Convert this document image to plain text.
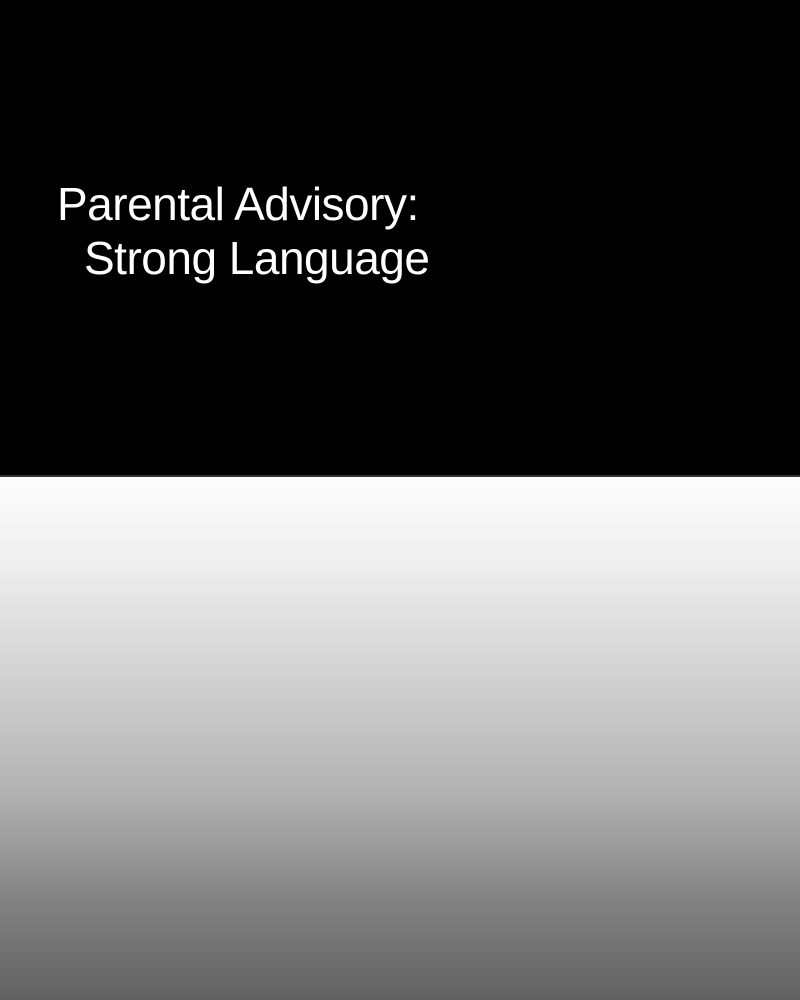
Parental Advisory:
Strong Language
